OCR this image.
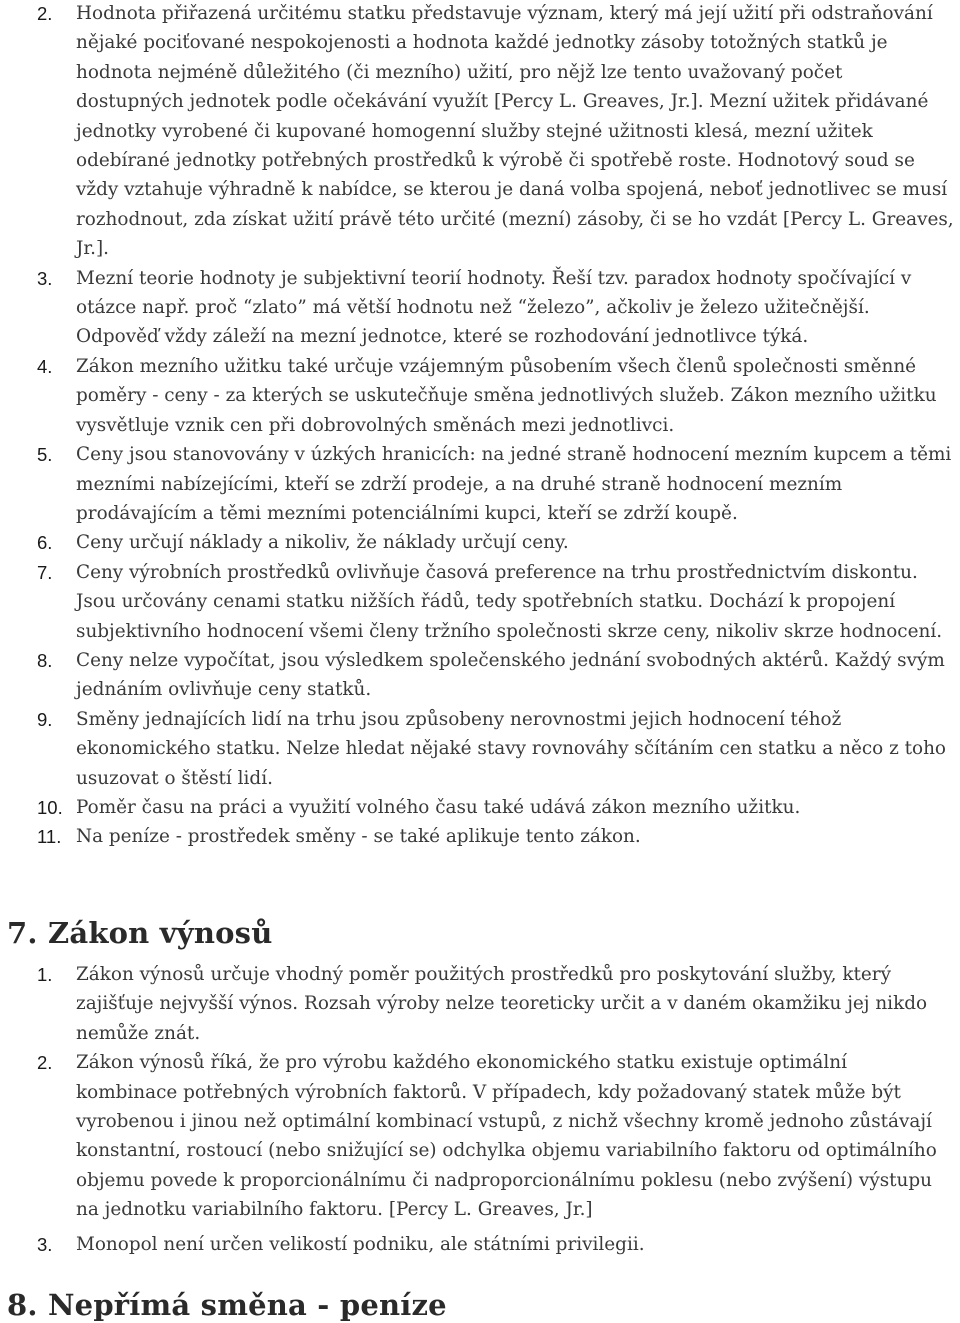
2. Hodnota přiřazená určitému statku představuje význam, který má její užití při odstraňování nějaké pociťované nespokojenosti a hodnota každé jednotky zásoby totožných statků je hodnota nejméně důležitého (či mezního) užití, pro nějž lze tento uvažovaný počet dostupných jednotek podle očekávání využít [Percy L. Greaves, Jr.]. Mezní užitek přidávané jednotky vyrobené či kupované homogenní služby stejné užitnosti klesá, mezní užitek odebírané jednotky potřebných prostředků k výrobě či spotřebě roste. Hodnotový soud se vždy vztahuje výhradně k nabídce, se kterou je daná volba spojená, neboť jednotlivec se musí rozhodnout, zda získat užití právě této určité (mezní) zásoby, či se ho vzdát [Percy L. Greaves, Jr.].
3. Mezní teorie hodnoty je subjektivní teorií hodnoty. Řeší tzv. paradox hodnoty spočívající v otázce např. proč “zlato” má větší hodnotu než “železo”, ačkoliv je železo užitečnější. Odpověď vždy záleží na mezní jednotce, které se rozhodování jednotlivce týká.
4. Zákon mezního užitku také určuje vzájemným působením všech členů společnosti směnné poměry - ceny - za kterých se uskutečňuje směna jednotlivých služeb. Zákon mezního užitku vysvětluje vznik cen při dobrovolných směnách mezi jednotlivci.
5. Ceny jsou stanovovány v úzkých hranicích: na jedné straně hodnocení mezním kupcem a těmi mezními nabízejícími, kteří se zdrží prodeje, a na druhé straně hodnocení mezním prodávajícím a těmi mezními potenciálními kupci, kteří se zdrží koupě.
6. Ceny určují náklady a nikoliv, že náklady určují ceny.
7. Ceny výrobních prostředků ovlivňuje časová preference na trhu prostřednictvím diskontu. Jsou určovány cenami statku nižších řádů, tedy spotřebních statku. Dochází k propojení subjektivního hodnocení všemi členy tržního společnosti skrze ceny, nikoliv skrze hodnocení.
8. Ceny nelze vypočítat, jsou výsledkem společenského jednání svobodných aktérů. Každý svým jednáním ovlivňuje ceny statků.
9. Směny jednajících lidí na trhu jsou způsobeny nerovnostmi jejich hodnocení téhož ekonomického statku. Nelze hledat nějaké stavy rovnováhy sčítáním cen statku a něco z toho usuzovat o štěstí lidí.
10. Poměr času na práci a využití volného času také udává zákon mezního užitku.
11. Na peníze - prostředek směny - se také aplikuje tento zákon.
7. Zákon výnosů
1. Zákon výnosů určuje vhodný poměr použitých prostředků pro poskytování služby, který zajišťuje nejvyšší výnos. Rozsah výroby nelze teoreticky určit a v daném okamžiku jej nikdo nemůže znát.
2. Zákon výnosů říká, že pro výrobu každého ekonomického statku existuje optimální kombinace potřebných výrobních faktorů. V případech, kdy požadovaný statek může být vyrobenou i jinou než optimální kombinací vstupů, z nichž všechny kromě jednoho zůstávají konstantní, rostoucí (nebo snižující se) odchylka objemu variabilního faktoru od optimálního objemu povede k proporcionálnímu či nadproporcionálnímu poklesu (nebo zvýšení) výstupu na jednotku variabilního faktoru. [Percy L. Greaves, Jr.]
3. Monopol není určen velikostí podniku, ale státními privilegii.
8. Nepřímá směna - peníze
